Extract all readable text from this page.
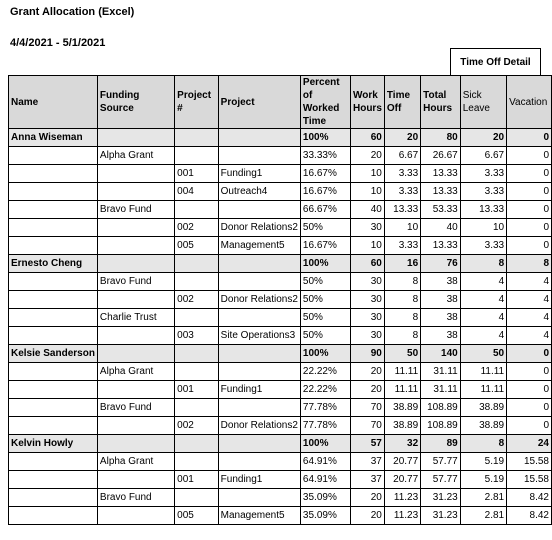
Grant Allocation (Excel)
4/4/2021 - 5/1/2021
Time Off Detail
Name	Funding Source	Project #	Project	Percent of Worked Time	Work Hours	Time Off	Total Hours	Sick Leave	Vacation
Anna Wiseman				100%	60	20	80	20	0
	Alpha Grant			33.33%	20	6.67	26.67	6.67	0
		001	Funding1	16.67%	10	3.33	13.33	3.33	0
		004	Outreach4	16.67%	10	3.33	13.33	3.33	0
	Bravo Fund			66.67%	40	13.33	53.33	13.33	0
		002	Donor Relations2	50%	30	10	40	10	0
		005	Management5	16.67%	10	3.33	13.33	3.33	0
Ernesto Cheng				100%	60	16	76	8	8
	Bravo Fund			50%	30	8	38	4	4
		002	Donor Relations2	50%	30	8	38	4	4
	Charlie Trust			50%	30	8	38	4	4
		003	Site Operations3	50%	30	8	38	4	4
Kelsie Sanderson				100%	90	50	140	50	0
	Alpha Grant			22.22%	20	11.11	31.11	11.11	0
		001	Funding1	22.22%	20	11.11	31.11	11.11	0
	Bravo Fund			77.78%	70	38.89	108.89	38.89	0
		002	Donor Relations2	77.78%	70	38.89	108.89	38.89	0
Kelvin Howly				100%	57	32	89	8	24
	Alpha Grant			64.91%	37	20.77	57.77	5.19	15.58
		001	Funding1	64.91%	37	20.77	57.77	5.19	15.58
	Bravo Fund			35.09%	20	11.23	31.23	2.81	8.42
		005	Management5	35.09%	20	11.23	31.23	2.81	8.42
